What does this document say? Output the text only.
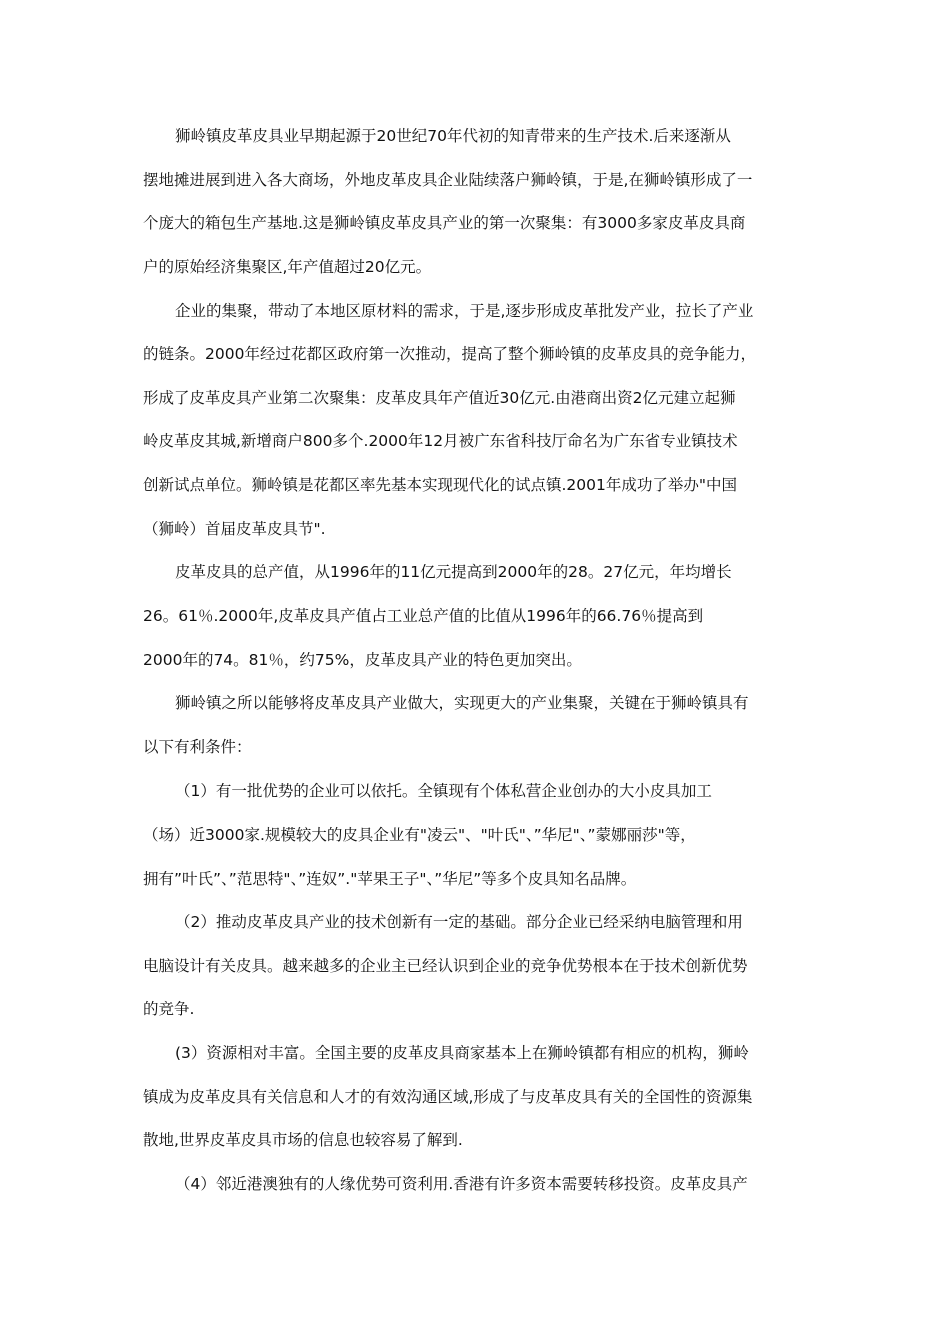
狮岭镇皮革皮具业早期起源于20世纪70年代初的知青带来的生产技术.后来逐渐从
摆地摊进展到进入各大商场，外地皮革皮具企业陆续落户狮岭镇，于是,在狮岭镇形成了一
个庞大的箱包生产基地.这是狮岭镇皮革皮具产业的第一次聚集：有3000多家皮革皮具商
户的原始经济集聚区,年产值超过20亿元。
企业的集聚，带动了本地区原材料的需求，于是,逐步形成皮革批发产业，拉长了产业
的链条。2000年经过花都区政府第一次推动，提高了整个狮岭镇的皮革皮具的竞争能力，
形成了皮革皮具产业第二次聚集：皮革皮具年产值近30亿元.由港商出资2亿元建立起狮
岭皮革皮其城,新增商户800多个.2000年12月被广东省科技厅命名为广东省专业镇技术
创新试点单位。狮岭镇是花都区率先基本实现现代化的试点镇.2001年成功了举办"中国
（狮岭）首届皮革皮具节".
皮革皮具的总产值，从1996年的11亿元提高到2000年的28。27亿元，年均增长
26。61％.2000年,皮革皮具产值占工业总产值的比值从1996年的66.76％提高到
2000年的74。81％，约75%，皮革皮具产业的特色更加突出。
狮岭镇之所以能够将皮革皮具产业做大，实现更大的产业集聚，关键在于狮岭镇具有
以下有利条件：
（1）有一批优势的企业可以依托。全镇现有个体私营企业创办的大小皮具加工
（场）近3000家.规模较大的皮具企业有"凌云"、"叶氏"、”华尼"、”蒙娜丽莎"等，
拥有”叶氏”、”范思特"、”连奴”."苹果王子"、”华尼”等多个皮具知名品牌。
（2）推动皮革皮具产业的技术创新有一定的基础。部分企业已经采纳电脑管理和用
电脑设计有关皮具。越来越多的企业主已经认识到企业的竞争优势根本在于技术创新优势
的竞争.
(3）资源相对丰富。全国主要的皮革皮具商家基本上在狮岭镇都有相应的机构，狮岭
镇成为皮革皮具有关信息和人才的有效沟通区域,形成了与皮革皮具有关的全国性的资源集
散地,世界皮革皮具市场的信息也较容易了解到.
（4）邻近港澳独有的人缘优势可资利用.香港有许多资本需要转移投资。皮革皮具产
